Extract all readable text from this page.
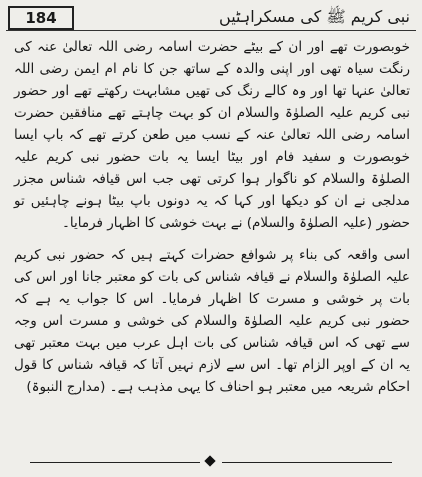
184	نبی کریم ﷺ کی مسکراہٹیں

خوبصورت تھے اور ان کے بیٹے حضرت اسامہ رضی اللہ تعالیٰ عنہ کی رنگت سیاہ تھی اور اپنی والدہ کے ساتھ جن کا نام ام ایمن رضی اللہ تعالیٰ عنہا تھا اور وہ کالے رنگ کی تھیں مشابہت رکھتے تھے اور حضور نبی کریم علیہ الصلوٰۃ والسلام ان کو بہت چاہتے تھے منافقین حضرت اسامہ رضی اللہ تعالیٰ عنہ کے نسب میں طعن کرتے تھے کہ باپ ایسا خوبصورت و سفید فام اور بیٹا ایسا یہ بات حضور نبی کریم علیہ الصلوٰۃ والسلام کو ناگوار ہوا کرتی تھی جب اس قیافہ شناس مجزر مدلجی نے ان کو دیکھا اور کہا کہ یہ دونوں باپ بیٹا ہونے چاہئیں تو حضور (علیہ الصلوٰۃ والسلام) نے بہت خوشی کا اظہار فرمایا۔

اسی واقعہ کی بناء پر شوافع حضرات کہتے ہیں کہ حضور نبی کریم علیہ الصلوٰۃ والسلام نے قیافہ شناس کی بات کو معتبر جانا اور اس کی بات پر خوشی و مسرت کا اظہار فرمایا۔ اس کا جواب یہ ہے کہ حضور نبی کریم علیہ الصلوٰۃ والسلام کی خوشی و مسرت اس وجہ سے تھی کہ اس قیافہ شناس کی بات اہل عرب میں بہت معتبر تھی یہ ان کے اوپر الزام تھا۔ اس سے لازم نہیں آتا کہ قیافہ شناس کا قول احکام شریعہ میں معتبر ہو احناف کا یہی مذہب ہے۔ (مدارج النبوۃ)
